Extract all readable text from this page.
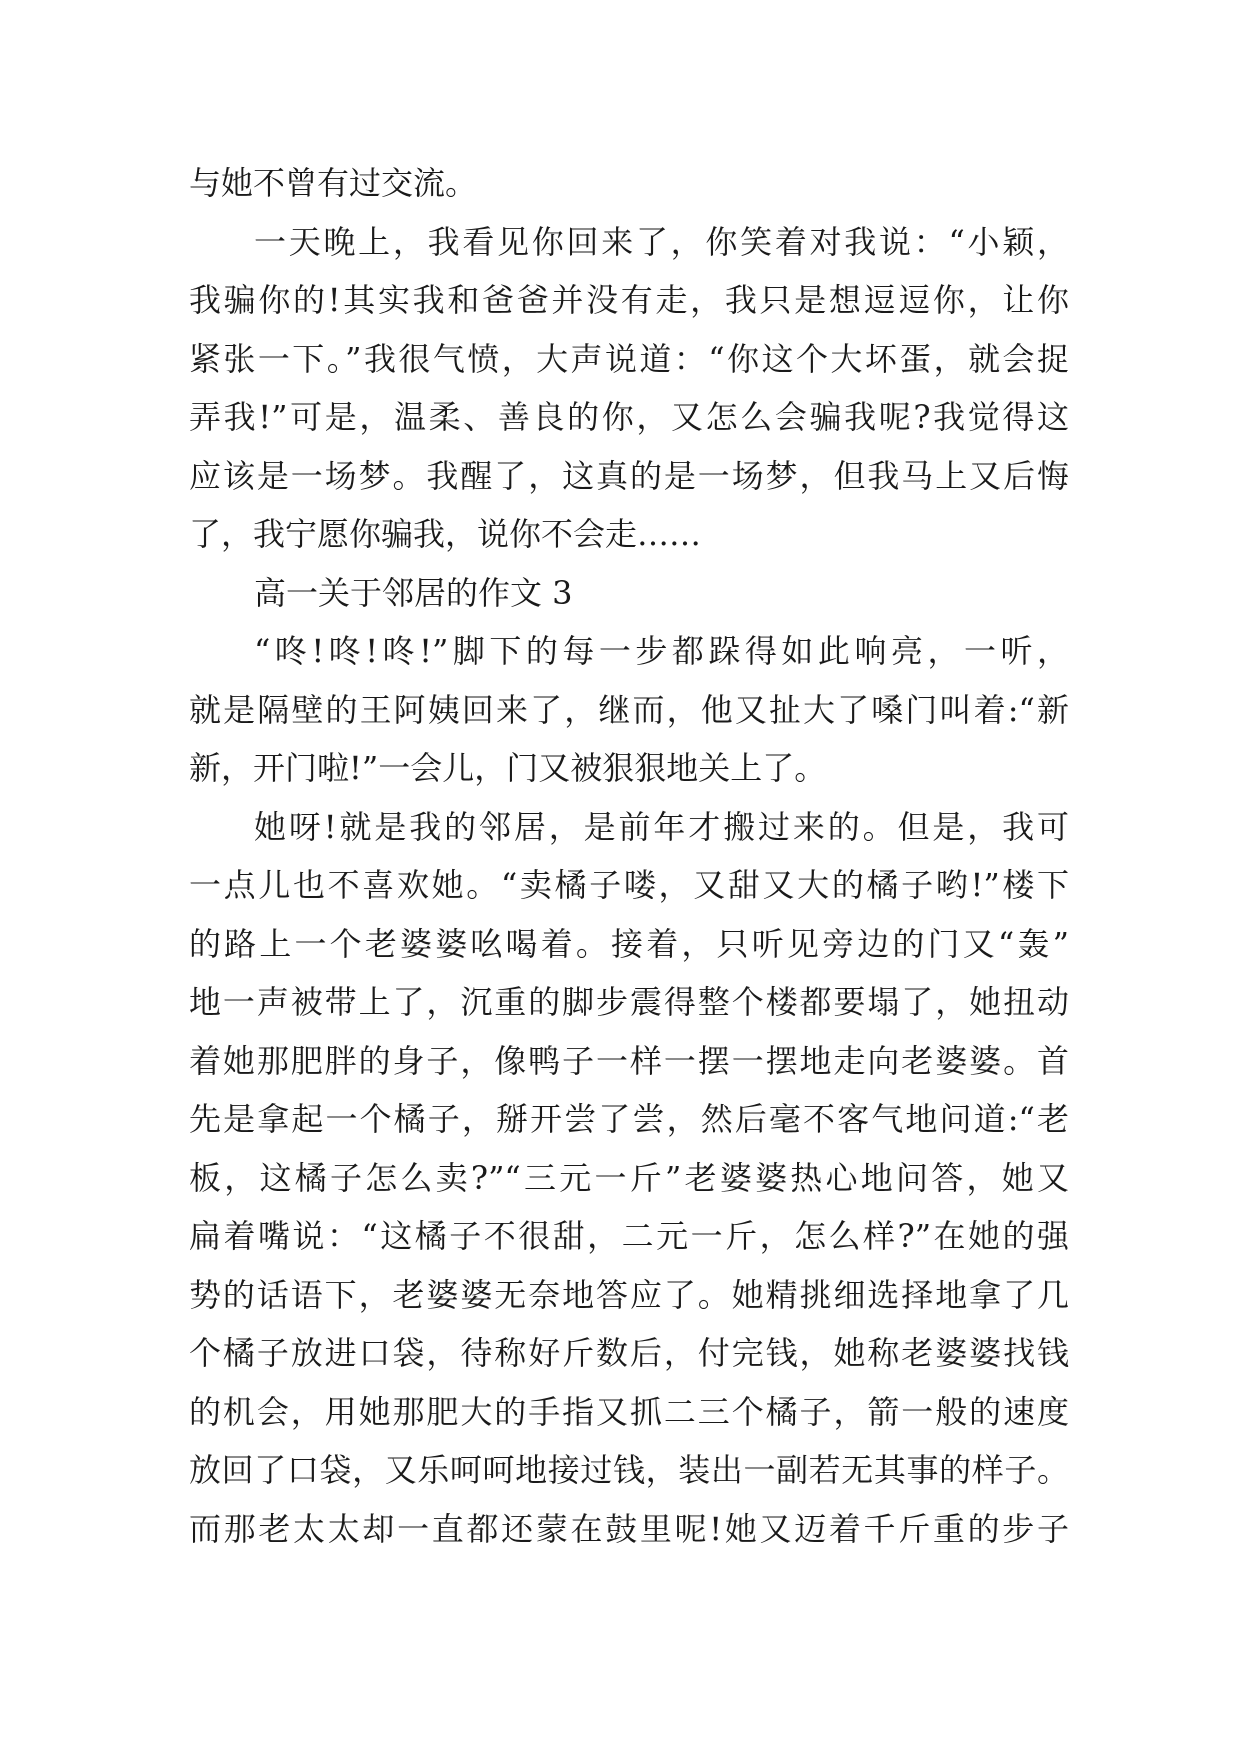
与她不曾有过交流。
一天晚上，我看见你回来了，你笑着对我说：“小颖，
我骗你的!其实我和爸爸并没有走，我只是想逗逗你，让你
紧张一下。”我很气愤，大声说道：“你这个大坏蛋，就会捉
弄我!”可是，温柔、善良的你，又怎么会骗我呢?我觉得这
应该是一场梦。我醒了，这真的是一场梦，但我马上又后悔
了，我宁愿你骗我，说你不会走……
高一关于邻居的作文 3
“咚!咚!咚!”脚下的每一步都跺得如此响亮，一听，
就是隔壁的王阿姨回来了，继而，他又扯大了嗓门叫着:“新
新，开门啦!”一会儿，门又被狠狠地关上了。
她呀!就是我的邻居，是前年才搬过来的。但是，我可
一点儿也不喜欢她。“卖橘子喽，又甜又大的橘子哟!”楼下
的路上一个老婆婆吆喝着。接着，只听见旁边的门又“轰”
地一声被带上了，沉重的脚步震得整个楼都要塌了，她扭动
着她那肥胖的身子，像鸭子一样一摆一摆地走向老婆婆。首
先是拿起一个橘子，掰开尝了尝，然后毫不客气地问道:“老
板，这橘子怎么卖?”“三元一斤”老婆婆热心地问答，她又
扁着嘴说：“这橘子不很甜，二元一斤，怎么样?”在她的强
势的话语下，老婆婆无奈地答应了。她精挑细选择地拿了几
个橘子放进口袋，待称好斤数后，付完钱，她称老婆婆找钱
的机会，用她那肥大的手指又抓二三个橘子，箭一般的速度
放回了口袋，又乐呵呵地接过钱，装出一副若无其事的样子。
而那老太太却一直都还蒙在鼓里呢!她又迈着千斤重的步子
